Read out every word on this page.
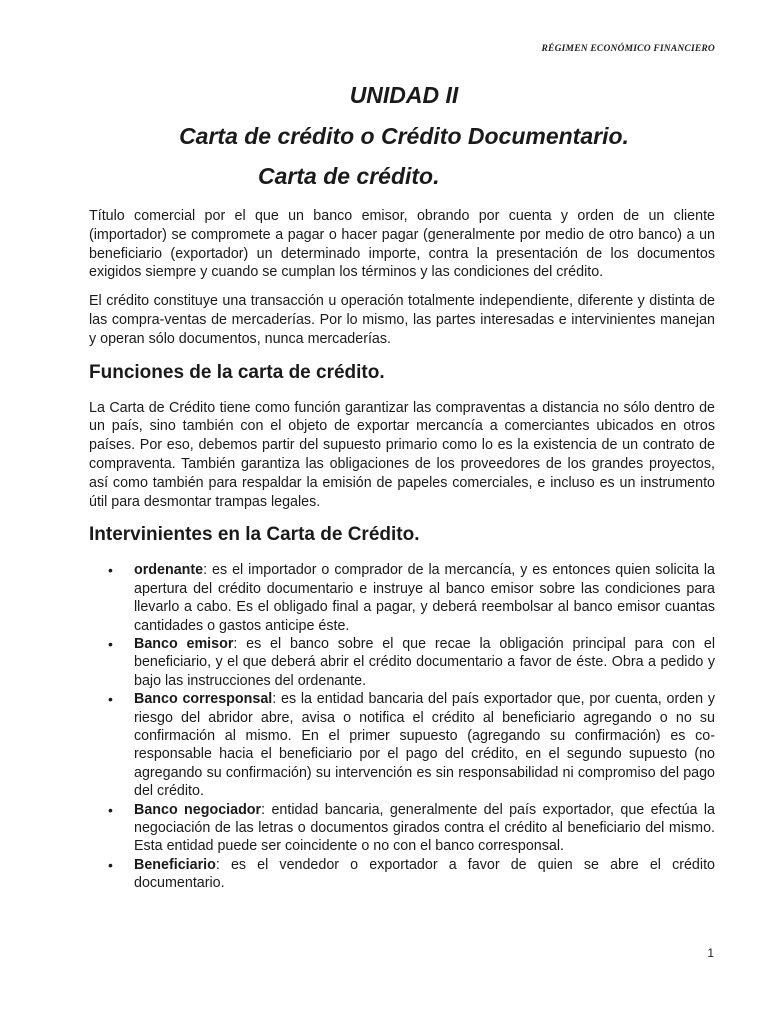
RÉGIMEN ECONÓMICO FINANCIERO
UNIDAD II
Carta de crédito o Crédito Documentario.
Carta de crédito.

Título comercial por el que un banco emisor, obrando por cuenta y orden de un cliente (importador) se compromete a pagar o hacer pagar (generalmente por medio de otro banco) a un beneficiario (exportador) un determinado importe, contra la presentación de los documentos exigidos siempre y cuando se cumplan los términos y las condiciones del crédito.

El crédito constituye una transacción u operación totalmente independiente, diferente y distinta de las compra-ventas de mercaderías. Por lo mismo, las partes interesadas e intervinientes manejan y operan sólo documentos, nunca mercaderías.

Funciones de la carta de crédito.

La Carta de Crédito tiene como función garantizar las compraventas a distancia no sólo dentro de un país, sino también con el objeto de exportar mercancía a comerciantes ubicados en otros países. Por eso, debemos partir del supuesto primario como lo es la existencia de un contrato de compraventa. También garantiza las obligaciones de los proveedores de los grandes proyectos, así como también para respaldar la emisión de papeles comerciales, e incluso es un instrumento útil para desmontar trampas legales.

Intervinientes en la Carta de Crédito.
• ordenante: es el importador o comprador de la mercancía, y es entonces quien solicita la apertura del crédito documentario e instruye al banco emisor sobre las condiciones para llevarlo a cabo. Es el obligado final a pagar, y deberá reembolsar al banco emisor cuantas cantidades o gastos anticipe éste.
• Banco emisor: es el banco sobre el que recae la obligación principal para con el beneficiario, y el que deberá abrir el crédito documentario a favor de éste. Obra a pedido y bajo las instrucciones del ordenante.
• Banco corresponsal: es la entidad bancaria del país exportador que, por cuenta, orden y riesgo del abridor abre, avisa o notifica el crédito al beneficiario agregando o no su confirmación al mismo. En el primer supuesto (agregando su confirmación) es co-responsable hacia el beneficiario por el pago del crédito, en el segundo supuesto (no agregando su confirmación) su intervención es sin responsabilidad ni compromiso del pago del crédito.
• Banco negociador: entidad bancaria, generalmente del país exportador, que efectúa la negociación de las letras o documentos girados contra el crédito al beneficiario del mismo. Esta entidad puede ser coincidente o no con el banco corresponsal.
• Beneficiario: es el vendedor o exportador a favor de quien se abre el crédito documentario.
1
